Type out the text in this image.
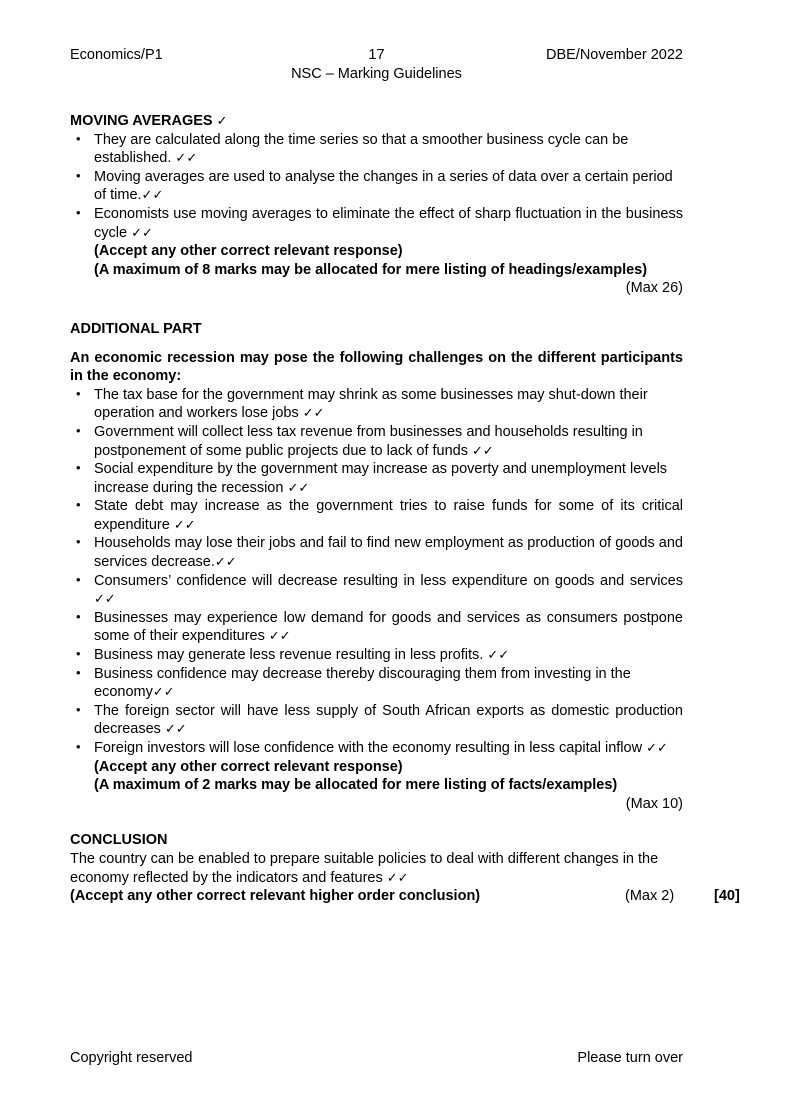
Economics/P1	17	DBE/November 2022
NSC – Marking Guidelines
MOVING AVERAGES ✓
• They are calculated along the time series so that a smoother business cycle can be established. ✓✓
• Moving averages are used to analyse the changes in a series of data over a certain period of time.✓✓
• Economists use moving averages to eliminate the effect of sharp fluctuation in the business cycle ✓✓
(Accept any other correct relevant response)
(A maximum of 8 marks may be allocated for mere listing of headings/examples)
(Max 26)
ADDITIONAL PART
An economic recession may pose the following challenges on the different participants in the economy:
• The tax base for the government may shrink as some businesses may shut-down their operation and workers lose jobs ✓✓
• Government will collect less tax revenue from businesses and households resulting in postponement of some public projects due to lack of funds ✓✓
• Social expenditure by the government may increase as poverty and unemployment levels increase during the recession ✓✓
• State debt may increase as the government tries to raise funds for some of its critical expenditure ✓✓
• Households may lose their jobs and fail to find new employment as production of goods and services decrease.✓✓
• Consumers’ confidence will decrease resulting in less expenditure on goods and services ✓✓
• Businesses may experience low demand for goods and services as consumers postpone some of their expenditures ✓✓
• Business may generate less revenue resulting in less profits. ✓✓
• Business confidence may decrease thereby discouraging them from investing in the economy✓✓
• The foreign sector will have less supply of South African exports as domestic production decreases ✓✓
• Foreign investors will lose confidence with the economy resulting in less capital inflow ✓✓
(Accept any other correct relevant response)
(A maximum of 2 marks may be allocated for mere listing of facts/examples)
(Max 10)
CONCLUSION
The country can be enabled to prepare suitable policies to deal with different changes in the economy reflected by the indicators and features ✓✓
(Accept any other correct relevant higher order conclusion)	(Max 2)	[40]
Copyright reserved	Please turn over
